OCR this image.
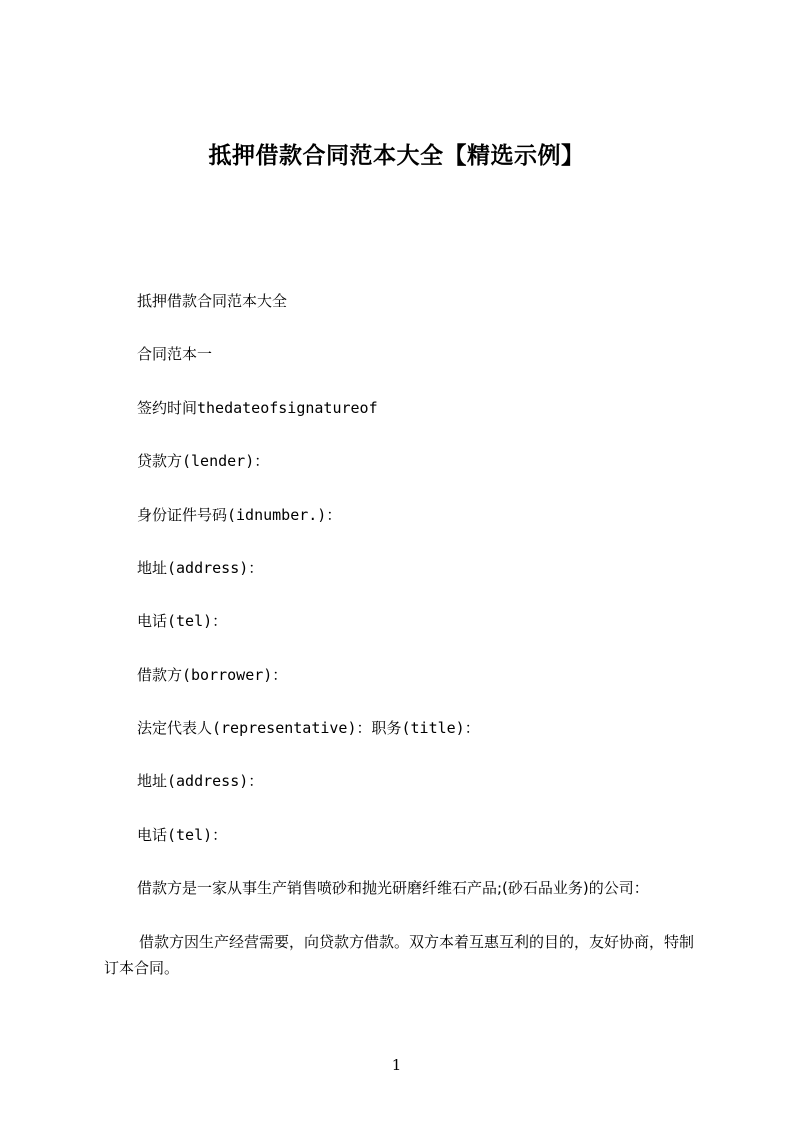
抵押借款合同范本大全【精选示例】
抵押借款合同范本大全
合同范本一
签约时间thedateofsignatureof
贷款方(lender)：
身份证件号码(idnumber.)：
地址(address)：
电话(tel)：
借款方(borrower)：
法定代表人(representative)：职务(title)：
地址(address)：
电话(tel)：
借款方是一家从事生产销售喷砂和抛光研磨纤维石产品;(砂石品业务)的公司：
借款方因生产经营需要，向贷款方借款。双方本着互惠互利的目的，友好协商，特制订本合同。
1
